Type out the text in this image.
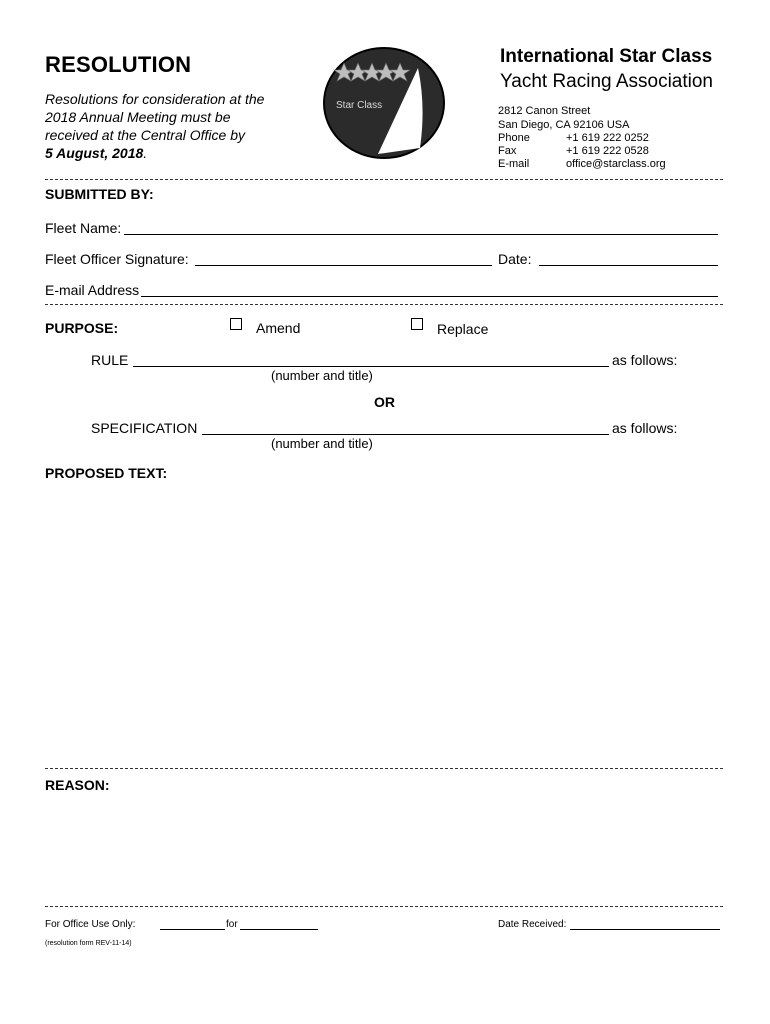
RESOLUTION
Resolutions for consideration at the
2018 Annual Meeting must be
received at the Central Office by
5 August, 2018.
Star Class
International Star Class
Yacht Racing Association
2812 Canon Street
San Diego, CA 92106 USA
Phone	+1 619 222 0252
Fax	+1 619 222 0528
E-mail	office@starclass.org
SUBMITTED BY:
Fleet Name:
Fleet Officer Signature:	Date:
E-mail Address
PURPOSE:	Amend	Replace
RULE	as follows:
(number and title)
OR
SPECIFICATION	as follows:
(number and title)
PROPOSED TEXT:
REASON:
For Office Use Only:	for	Date Received:
(resolution form REV-11-14)
